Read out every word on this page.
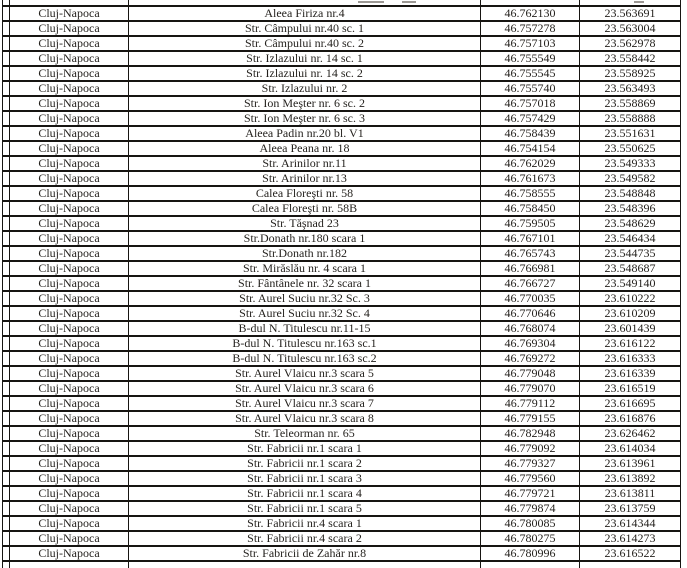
	Cluj-Napoca	Aleea Firiza nr.4	46.762130	23.563691
	Cluj-Napoca	Str. Câmpului nr.40 sc. 1	46.757278	23.563004
	Cluj-Napoca	Str. Câmpului nr.40 sc. 2	46.757103	23.562978
	Cluj-Napoca	Str. Izlazului nr. 14 sc. 1	46.755549	23.558442
	Cluj-Napoca	Str. Izlazului nr. 14 sc. 2	46.755545	23.558925
	Cluj-Napoca	Str. Izlazului nr. 2	46.755740	23.563493
	Cluj-Napoca	Str. Ion Meşter nr. 6 sc. 2	46.757018	23.558869
	Cluj-Napoca	Str. Ion Meşter nr. 6 sc. 3	46.757429	23.558888
	Cluj-Napoca	Aleea Padin nr.20 bl. V1	46.758439	23.551631
	Cluj-Napoca	Aleea Peana nr. 18	46.754154	23.550625
	Cluj-Napoca	Str. Arinilor nr.11	46.762029	23.549333
	Cluj-Napoca	Str. Arinilor nr.13	46.761673	23.549582
	Cluj-Napoca	Calea Floreşti nr. 58	46.758555	23.548848
	Cluj-Napoca	Calea Floreşti nr. 58B	46.758450	23.548396
	Cluj-Napoca	Str. Tăşnad 23	46.759505	23.548629
	Cluj-Napoca	Str.Donath nr.180 scara 1	46.767101	23.546434
	Cluj-Napoca	Str.Donath nr.182	46.765743	23.544735
	Cluj-Napoca	Str. Mirăslău nr. 4 scara 1	46.766981	23.548687
	Cluj-Napoca	Str. Fântânele nr. 32 scara 1	46.766727	23.549140
	Cluj-Napoca	Str. Aurel Suciu nr.32 Sc. 3	46.770035	23.610222
	Cluj-Napoca	Str. Aurel Suciu nr.32 Sc. 4	46.770646	23.610209
	Cluj-Napoca	B-dul N. Titulescu nr.11-15	46.768074	23.601439
	Cluj-Napoca	B-dul N. Titulescu nr.163 sc.1	46.769304	23.616122
	Cluj-Napoca	B-dul N. Titulescu nr.163 sc.2	46.769272	23.616333
	Cluj-Napoca	Str. Aurel Vlaicu nr.3 scara 5	46.779048	23.616339
	Cluj-Napoca	Str. Aurel Vlaicu nr.3 scara 6	46.779070	23.616519
	Cluj-Napoca	Str. Aurel Vlaicu nr.3 scara 7	46.779112	23.616695
	Cluj-Napoca	Str. Aurel Vlaicu nr.3 scara 8	46.779155	23.616876
	Cluj-Napoca	Str. Teleorman nr. 65	46.782948	23.626462
	Cluj-Napoca	Str. Fabricii nr.1 scara 1	46.779092	23.614034
	Cluj-Napoca	Str. Fabricii nr.1 scara 2	46.779327	23.613961
	Cluj-Napoca	Str. Fabricii nr.1 scara 3	46.779560	23.613892
	Cluj-Napoca	Str. Fabricii nr.1 scara 4	46.779721	23.613811
	Cluj-Napoca	Str. Fabricii nr.1 scara 5	46.779874	23.613759
	Cluj-Napoca	Str. Fabricii nr.4 scara 1	46.780085	23.614344
	Cluj-Napoca	Str. Fabricii nr.4 scara 2	46.780275	23.614273
	Cluj-Napoca	Str. Fabricii de Zahăr nr.8	46.780996	23.616522
